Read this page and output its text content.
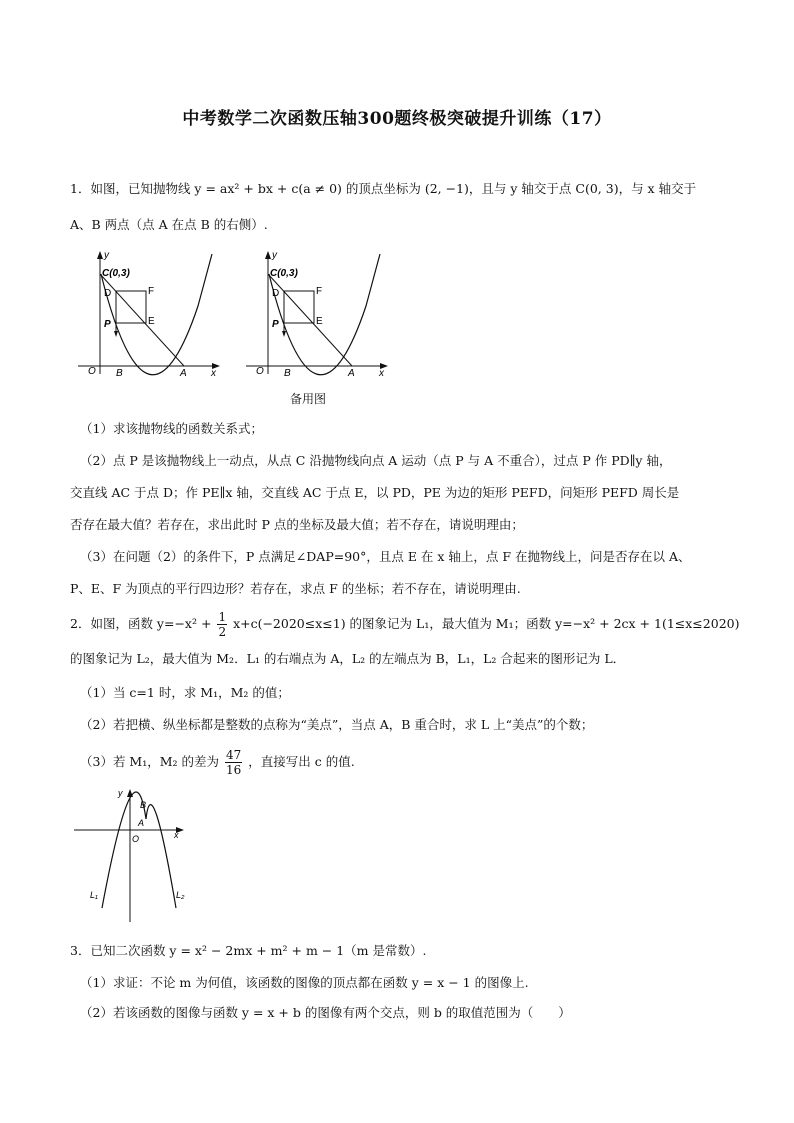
中考数学二次函数压轴300题终极突破提升训练（17）
1．如图，已知抛物线 y = ax² + bx + c(a ≠ 0) 的顶点坐标为 (2, −1)，且与 y 轴交于点 C(0, 3)，与 x 轴交于
A、B 两点（点 A 在点 B 的右侧）.
C(0,3)
D	F
P	E
O B	A x
y
C(0,3)
D	F
P	E
O B	A x
y
备用图
（1）求该抛物线的函数关系式；
（2）点 P 是该抛物线上一动点，从点 C 沿抛物线向点 A 运动（点 P 与 A 不重合），过点 P 作 PD∥y 轴，
交直线 AC 于点 D；作 PE∥x 轴，交直线 AC 于点 E，以 PD，PE 为边的矩形 PEFD，问矩形 PEFD 周长是
否存在最大值？若存在，求出此时 P 点的坐标及最大值；若不存在，请说明理由；
（3）在问题（2）的条件下，P 点满足∠DAP=90°，且点 E 在 x 轴上，点 F 在抛物线上，问是否存在以 A、
P、E、F 为顶点的平行四边形？若存在，求点 F 的坐标；若不存在，请说明理由.
2．如图，函数 $y=-x^2 + \frac{1}{2} x+c(-2020\le x\le 1)$ 的图象记为 L₁，最大值为 M₁；函数 y=−x² + 2cx + 1(1≤x≤2020)
的图象记为 L₂，最大值为 M₂．L₁ 的右端点为 A，L₂ 的左端点为 B，L₁，L₂ 合起来的图形记为 L．
（1）当 c=1 时，求 M₁，M₂ 的值；
（2）若把横、纵坐标都是整数的点称为“美点”，当点 A，B 重合时，求 L 上“美点”的个数；
（3）若 M₁，M₂ 的差为 $\frac{47}{16}$ ，直接写出 c 的值.
y
x
B
A
O
L₁	L₂
3．已知二次函数 y = x² − 2mx + m² + m − 1（m 是常数）.
（1）求证：不论 m 为何值，该函数的图像的顶点都在函数 y = x − 1 的图像上.
（2）若该函数的图像与函数 y = x + b 的图像有两个交点，则 b 的取值范围为（　　）
